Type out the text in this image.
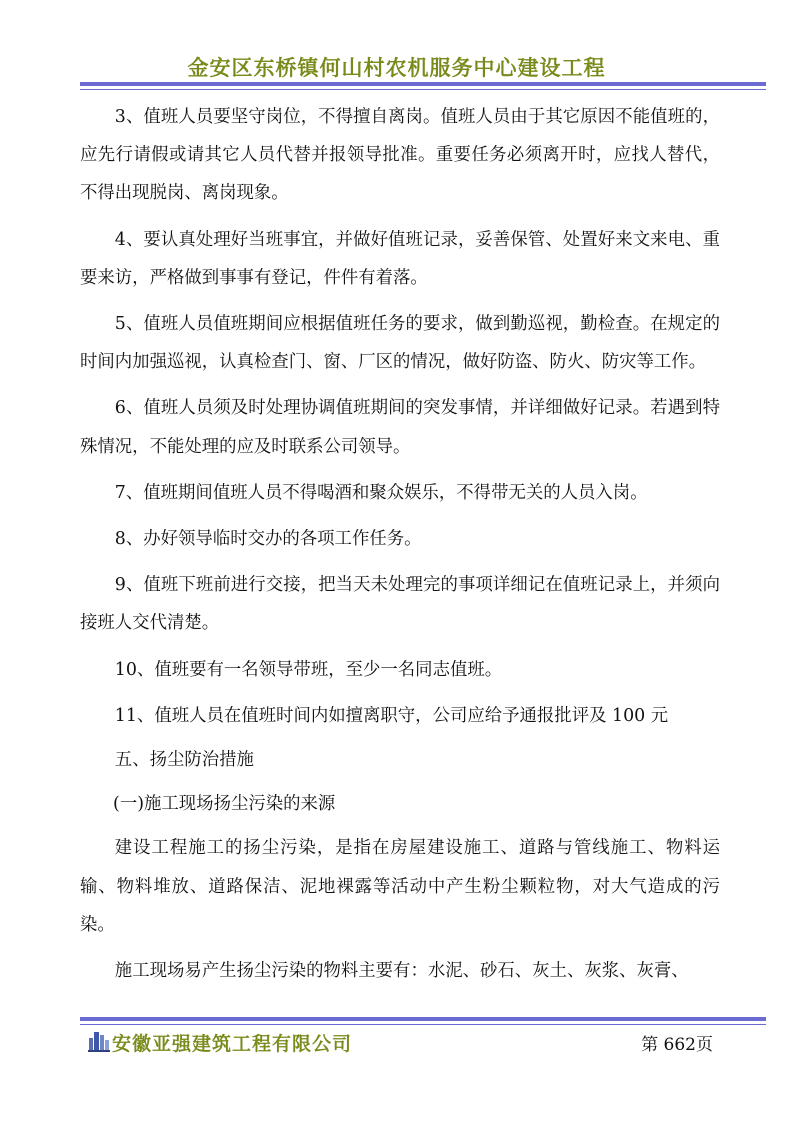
金安区东桥镇何山村农机服务中心建设工程

3、值班人员要坚守岗位，不得擅自离岗。值班人员由于其它原因不能值班的，应先行请假或请其它人员代替并报领导批准。重要任务必须离开时，应找人替代，不得出现脱岗、离岗现象。

4、要认真处理好当班事宜，并做好值班记录，妥善保管、处置好来文来电、重要来访，严格做到事事有登记，件件有着落。

5、值班人员值班期间应根据值班任务的要求，做到勤巡视，勤检查。在规定的时间内加强巡视，认真检查门、窗、厂区的情况，做好防盗、防火、防灾等工作。

6、值班人员须及时处理协调值班期间的突发事情，并详细做好记录。若遇到特殊情况，不能处理的应及时联系公司领导。

7、值班期间值班人员不得喝酒和聚众娱乐，不得带无关的人员入岗。

8、办好领导临时交办的各项工作任务。

9、值班下班前进行交接，把当天未处理完的事项详细记在值班记录上，并须向接班人交代清楚。

10、值班要有一名领导带班，至少一名同志值班。

11、值班人员在值班时间内如擅离职守，公司应给予通报批评及 100 元

五、扬尘防治措施

(一)施工现场扬尘污染的来源

建设工程施工的扬尘污染，是指在房屋建设施工、道路与管线施工、物料运输、物料堆放、道路保洁、泥地裸露等活动中产生粉尘颗粒物，对大气造成的污染。

施工现场易产生扬尘污染的物料主要有：水泥、砂石、灰土、灰浆、灰膏、

安徽亚强建筑工程有限公司	第 662页
